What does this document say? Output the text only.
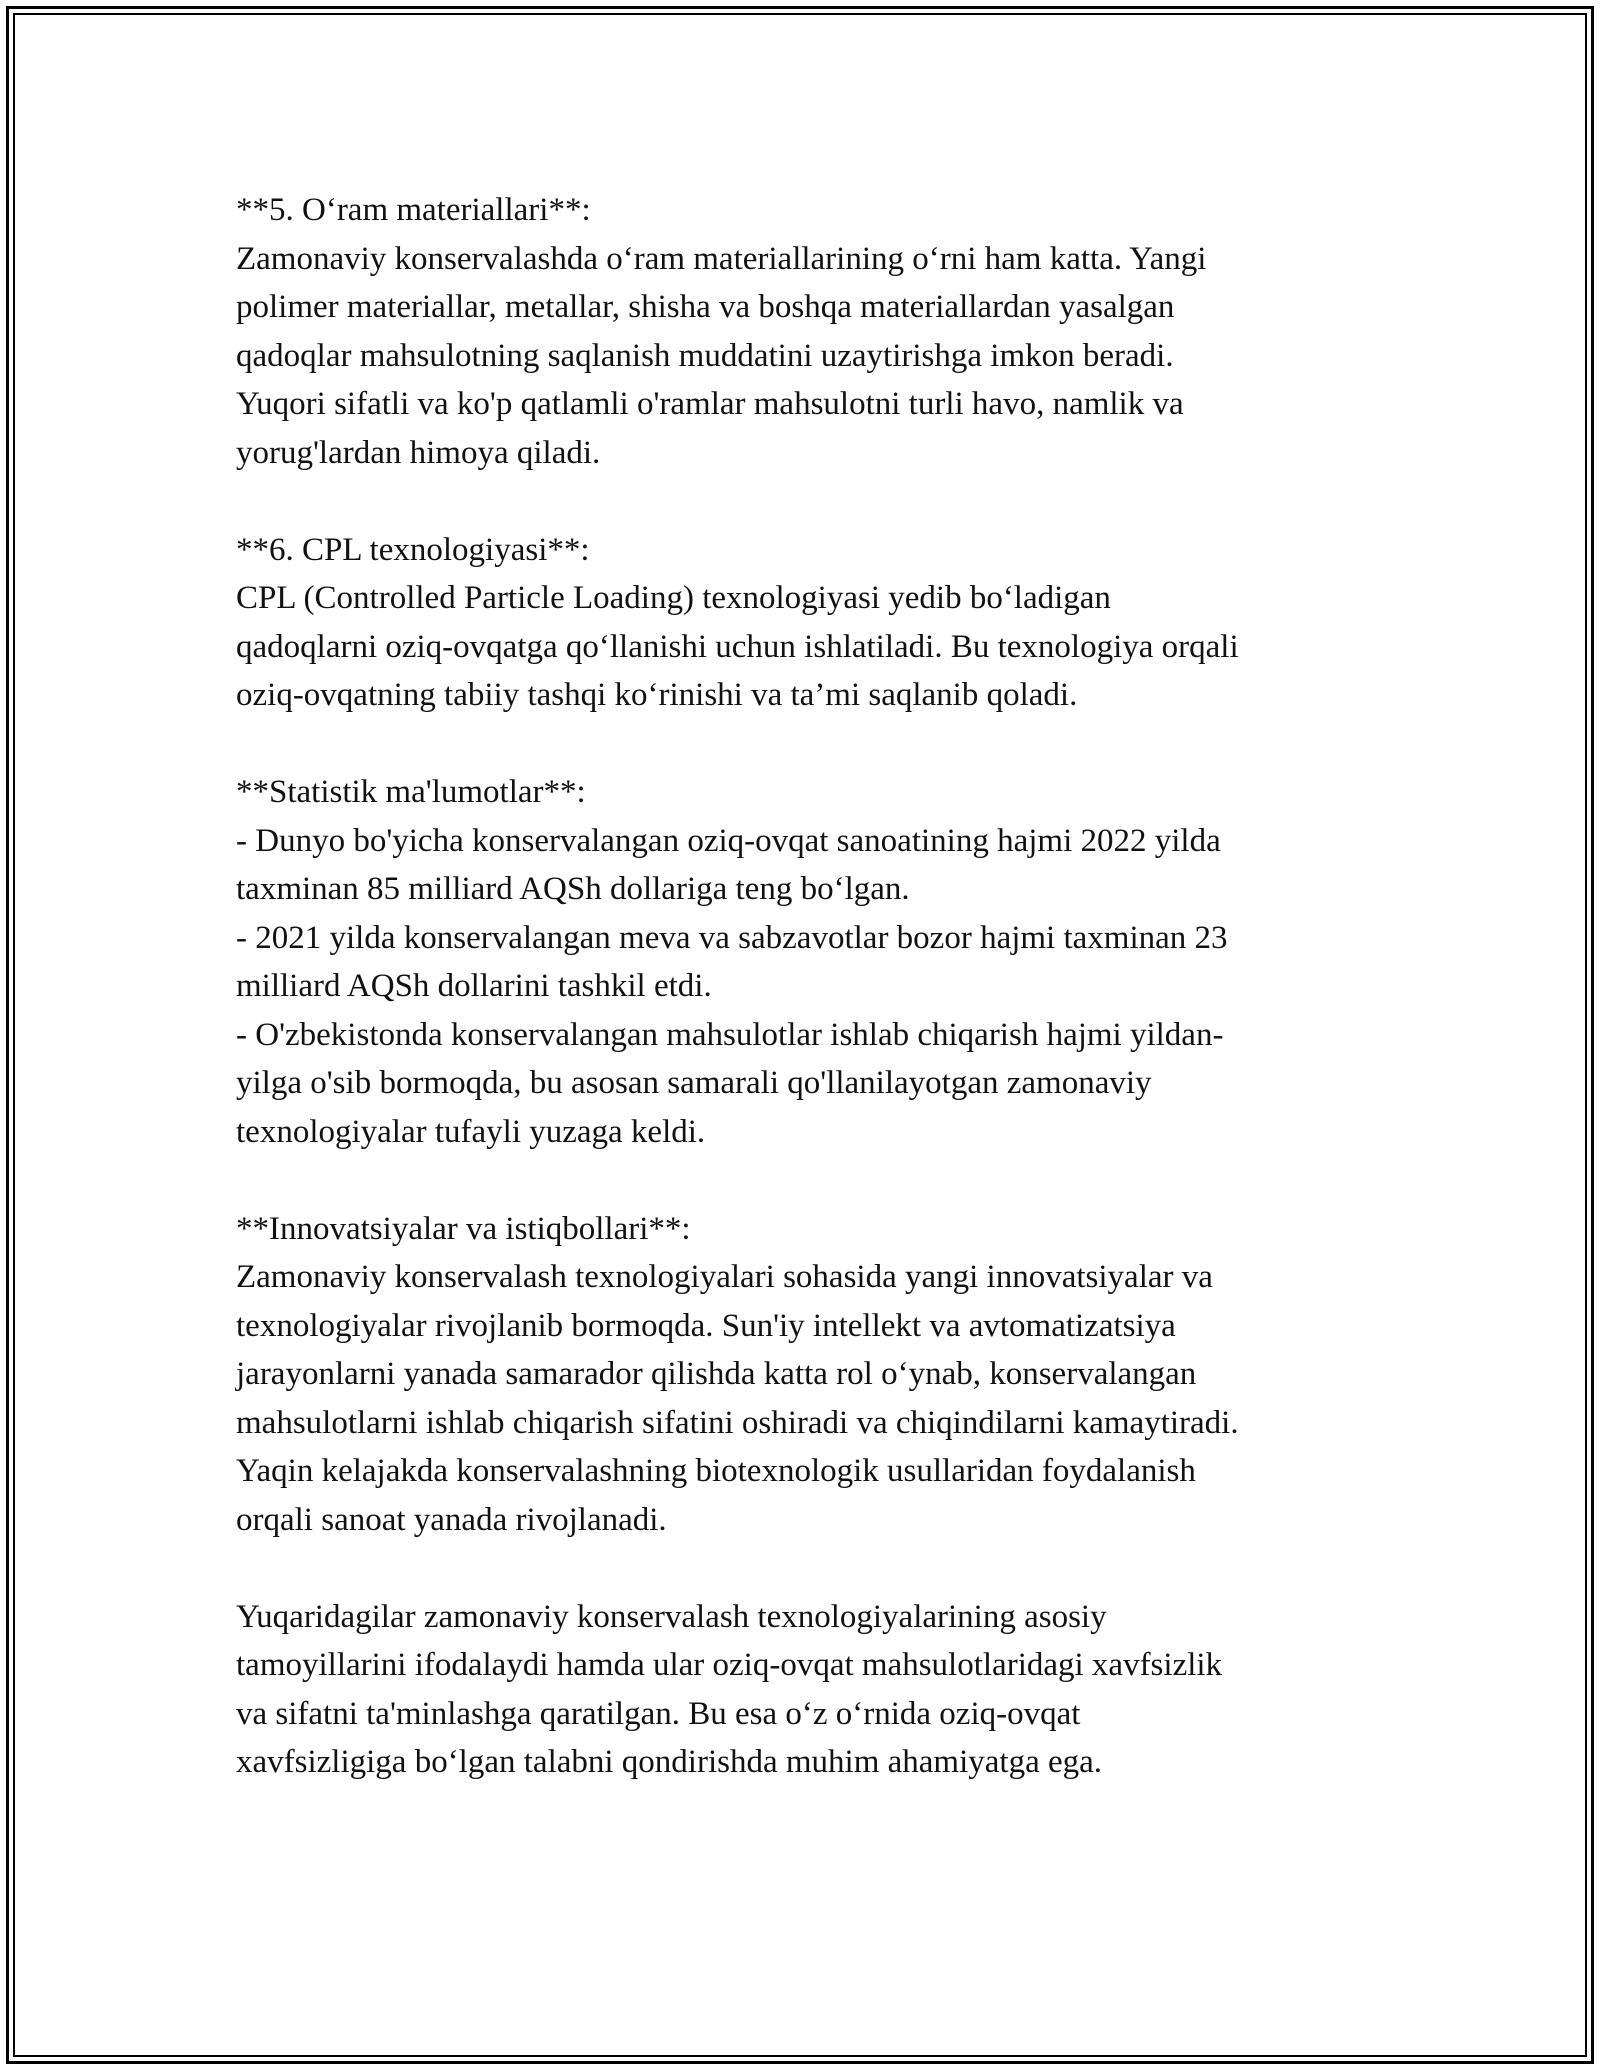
**5. O‘ram materiallari**:
Zamonaviy konservalashda o‘ram materiallarining o‘rni ham katta. Yangi
polimer materiallar, metallar, shisha va boshqa materiallardan yasalgan
qadoqlar mahsulotning saqlanish muddatini uzaytirishga imkon beradi.
Yuqori sifatli va ko'p qatlamli o'ramlar mahsulotni turli havo, namlik va
yorug'lardan himoya qiladi.
**6. CPL texnologiyasi**:
CPL (Controlled Particle Loading) texnologiyasi yedib bo‘ladigan
qadoqlarni oziq-ovqatga qo‘llanishi uchun ishlatiladi. Bu texnologiya orqali
oziq-ovqatning tabiiy tashqi ko‘rinishi va ta’mi saqlanib qoladi.
**Statistik ma'lumotlar**:
- Dunyo bo'yicha konservalangan oziq-ovqat sanoatining hajmi 2022 yilda
taxminan 85 milliard AQSh dollariga teng bo‘lgan.
- 2021 yilda konservalangan meva va sabzavotlar bozor hajmi taxminan 23
milliard AQSh dollarini tashkil etdi.
- O'zbekistonda konservalangan mahsulotlar ishlab chiqarish hajmi yildan-
yilga o'sib bormoqda, bu asosan samarali qo'llanilayotgan zamonaviy
texnologiyalar tufayli yuzaga keldi.
**Innovatsiyalar va istiqbollari**:
Zamonaviy konservalash texnologiyalari sohasida yangi innovatsiyalar va
texnologiyalar rivojlanib bormoqda. Sun'iy intellekt va avtomatizatsiya
jarayonlarni yanada samarador qilishda katta rol o‘ynab, konservalangan
mahsulotlarni ishlab chiqarish sifatini oshiradi va chiqindilarni kamaytiradi.
Yaqin kelajakda konservalashning biotexnologik usullaridan foydalanish
orqali sanoat yanada rivojlanadi.
Yuqaridagilar zamonaviy konservalash texnologiyalarining asosiy
tamoyillarini ifodalaydi hamda ular oziq-ovqat mahsulotlaridagi xavfsizlik
va sifatni ta'minlashga qaratilgan. Bu esa o‘z o‘rnida oziq-ovqat
xavfsizligiga bo‘lgan talabni qondirishda muhim ahamiyatga ega.
